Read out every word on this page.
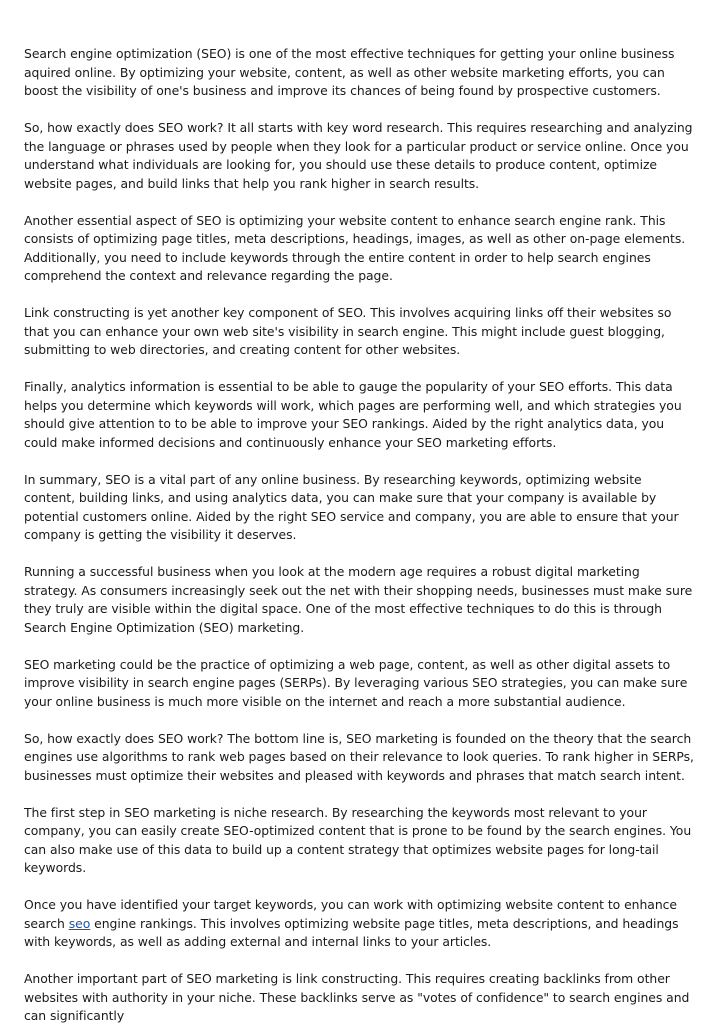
Search engine optimization (SEO) is one of the most effective techniques for getting your online business aquired online. By optimizing your website, content, as well as other website marketing efforts, you can boost the visibility of one's business and improve its chances of being found by prospective customers.

So, how exactly does SEO work? It all starts with key word research. This requires researching and analyzing the language or phrases used by people when they look for a particular product or service online. Once you understand what individuals are looking for, you should use these details to produce content, optimize website pages, and build links that help you rank higher in search results.

Another essential aspect of SEO is optimizing your website content to enhance search engine rank. This consists of optimizing page titles, meta descriptions, headings, images, as well as other on-page elements. Additionally, you need to include keywords through the entire content in order to help search engines comprehend the context and relevance regarding the page.

Link constructing is yet another key component of SEO. This involves acquiring links off their websites so that you can enhance your own web site's visibility in search engine. This might include guest blogging, submitting to web directories, and creating content for other websites.

Finally, analytics information is essential to be able to gauge the popularity of your SEO efforts. This data helps you determine which keywords will work, which pages are performing well, and which strategies you should give attention to to be able to improve your SEO rankings. Aided by the right analytics data, you could make informed decisions and continuously enhance your SEO marketing efforts.

In summary, SEO is a vital part of any online business. By researching keywords, optimizing website content, building links, and using analytics data, you can make sure that your company is available by potential customers online. Aided by the right SEO service and company, you are able to ensure that your company is getting the visibility it deserves.

Running a successful business when you look at the modern age requires a robust digital marketing strategy. As consumers increasingly seek out the net with their shopping needs, businesses must make sure they truly are visible within the digital space. One of the most effective techniques to do this is through Search Engine Optimization (SEO) marketing.

SEO marketing could be the practice of optimizing a web page, content, as well as other digital assets to improve visibility in search engine pages (SERPs). By leveraging various SEO strategies, you can make sure your online business is much more visible on the internet and reach a more substantial audience.

So, how exactly does SEO work? The bottom line is, SEO marketing is founded on the theory that the search engines use algorithms to rank web pages based on their relevance to look queries. To rank higher in SERPs, businesses must optimize their websites and pleased with keywords and phrases that match search intent.

The first step in SEO marketing is niche research. By researching the keywords most relevant to your company, you can easily create SEO-optimized content that is prone to be found by the search engines. You can also make use of this data to build up a content strategy that optimizes website pages for long-tail keywords.

Once you have identified your target keywords, you can work with optimizing website content to enhance search seo engine rankings. This involves optimizing website page titles, meta descriptions, and headings with keywords, as well as adding external and internal links to your articles.

Another important part of SEO marketing is link constructing. This requires creating backlinks from other websites with authority in your niche. These backlinks serve as "votes of confidence" to search engines and can significantly
